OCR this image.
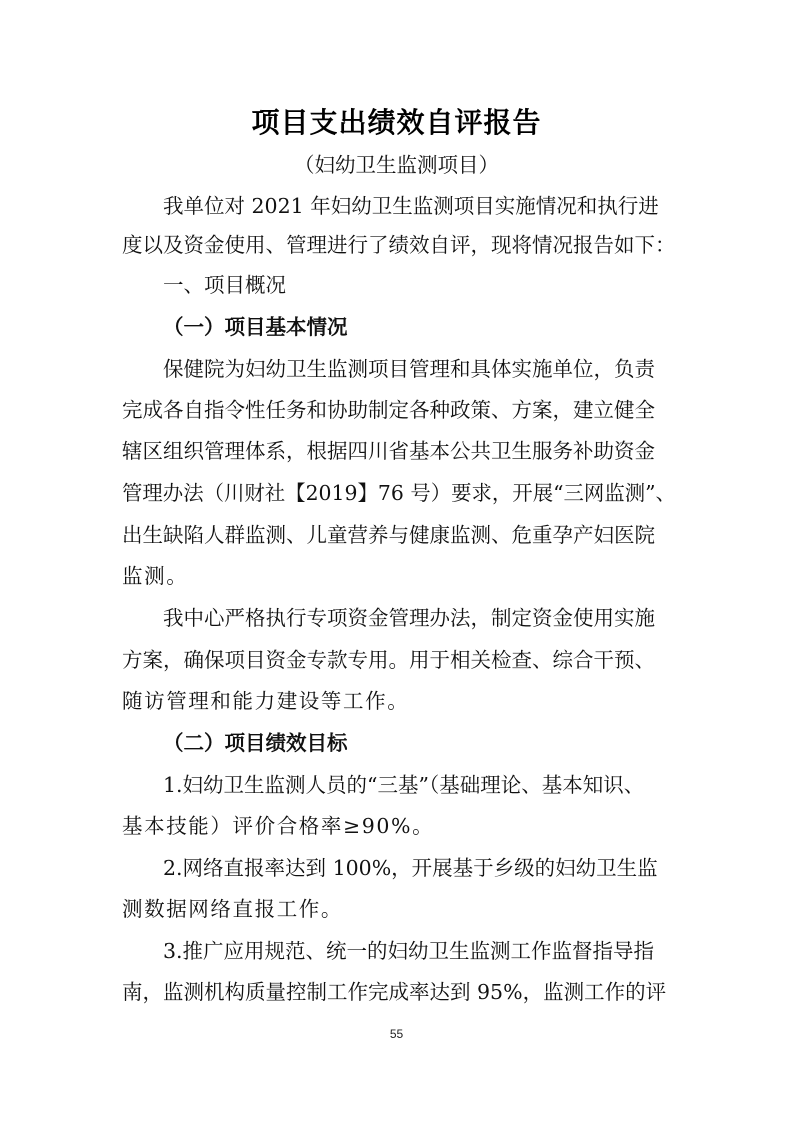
项目支出绩效自评报告
（妇幼卫生监测项目）
我单位对 2021 年妇幼卫生监测项目实施情况和执行进
度以及资金使用、管理进行了绩效自评，现将情况报告如下：
一、项目概况
（一）项目基本情况
保健院为妇幼卫生监测项目管理和具体实施单位，负责
完成各自指令性任务和协助制定各种政策、方案，建立健全
辖区组织管理体系，根据四川省基本公共卫生服务补助资金
管理办法（川财社【2019】76 号）要求，开展“三网监测”、
出生缺陷人群监测、儿童营养与健康监测、危重孕产妇医院
监测。
我中心严格执行专项资金管理办法，制定资金使用实施
方案，确保项目资金专款专用。用于相关检查、综合干预、
随访管理和能力建设等工作。
（二）项目绩效目标
1.妇幼卫生监测人员的“三基”（基础理论、基本知识、
基本技能）评价合格率≥90%。
2.网络直报率达到 100%，开展基于乡级的妇幼卫生监
测数据网络直报工作。
3.推广应用规范、统一的妇幼卫生监测工作监督指导指
南，监测机构质量控制工作完成率达到 95%，监测工作的评
55
